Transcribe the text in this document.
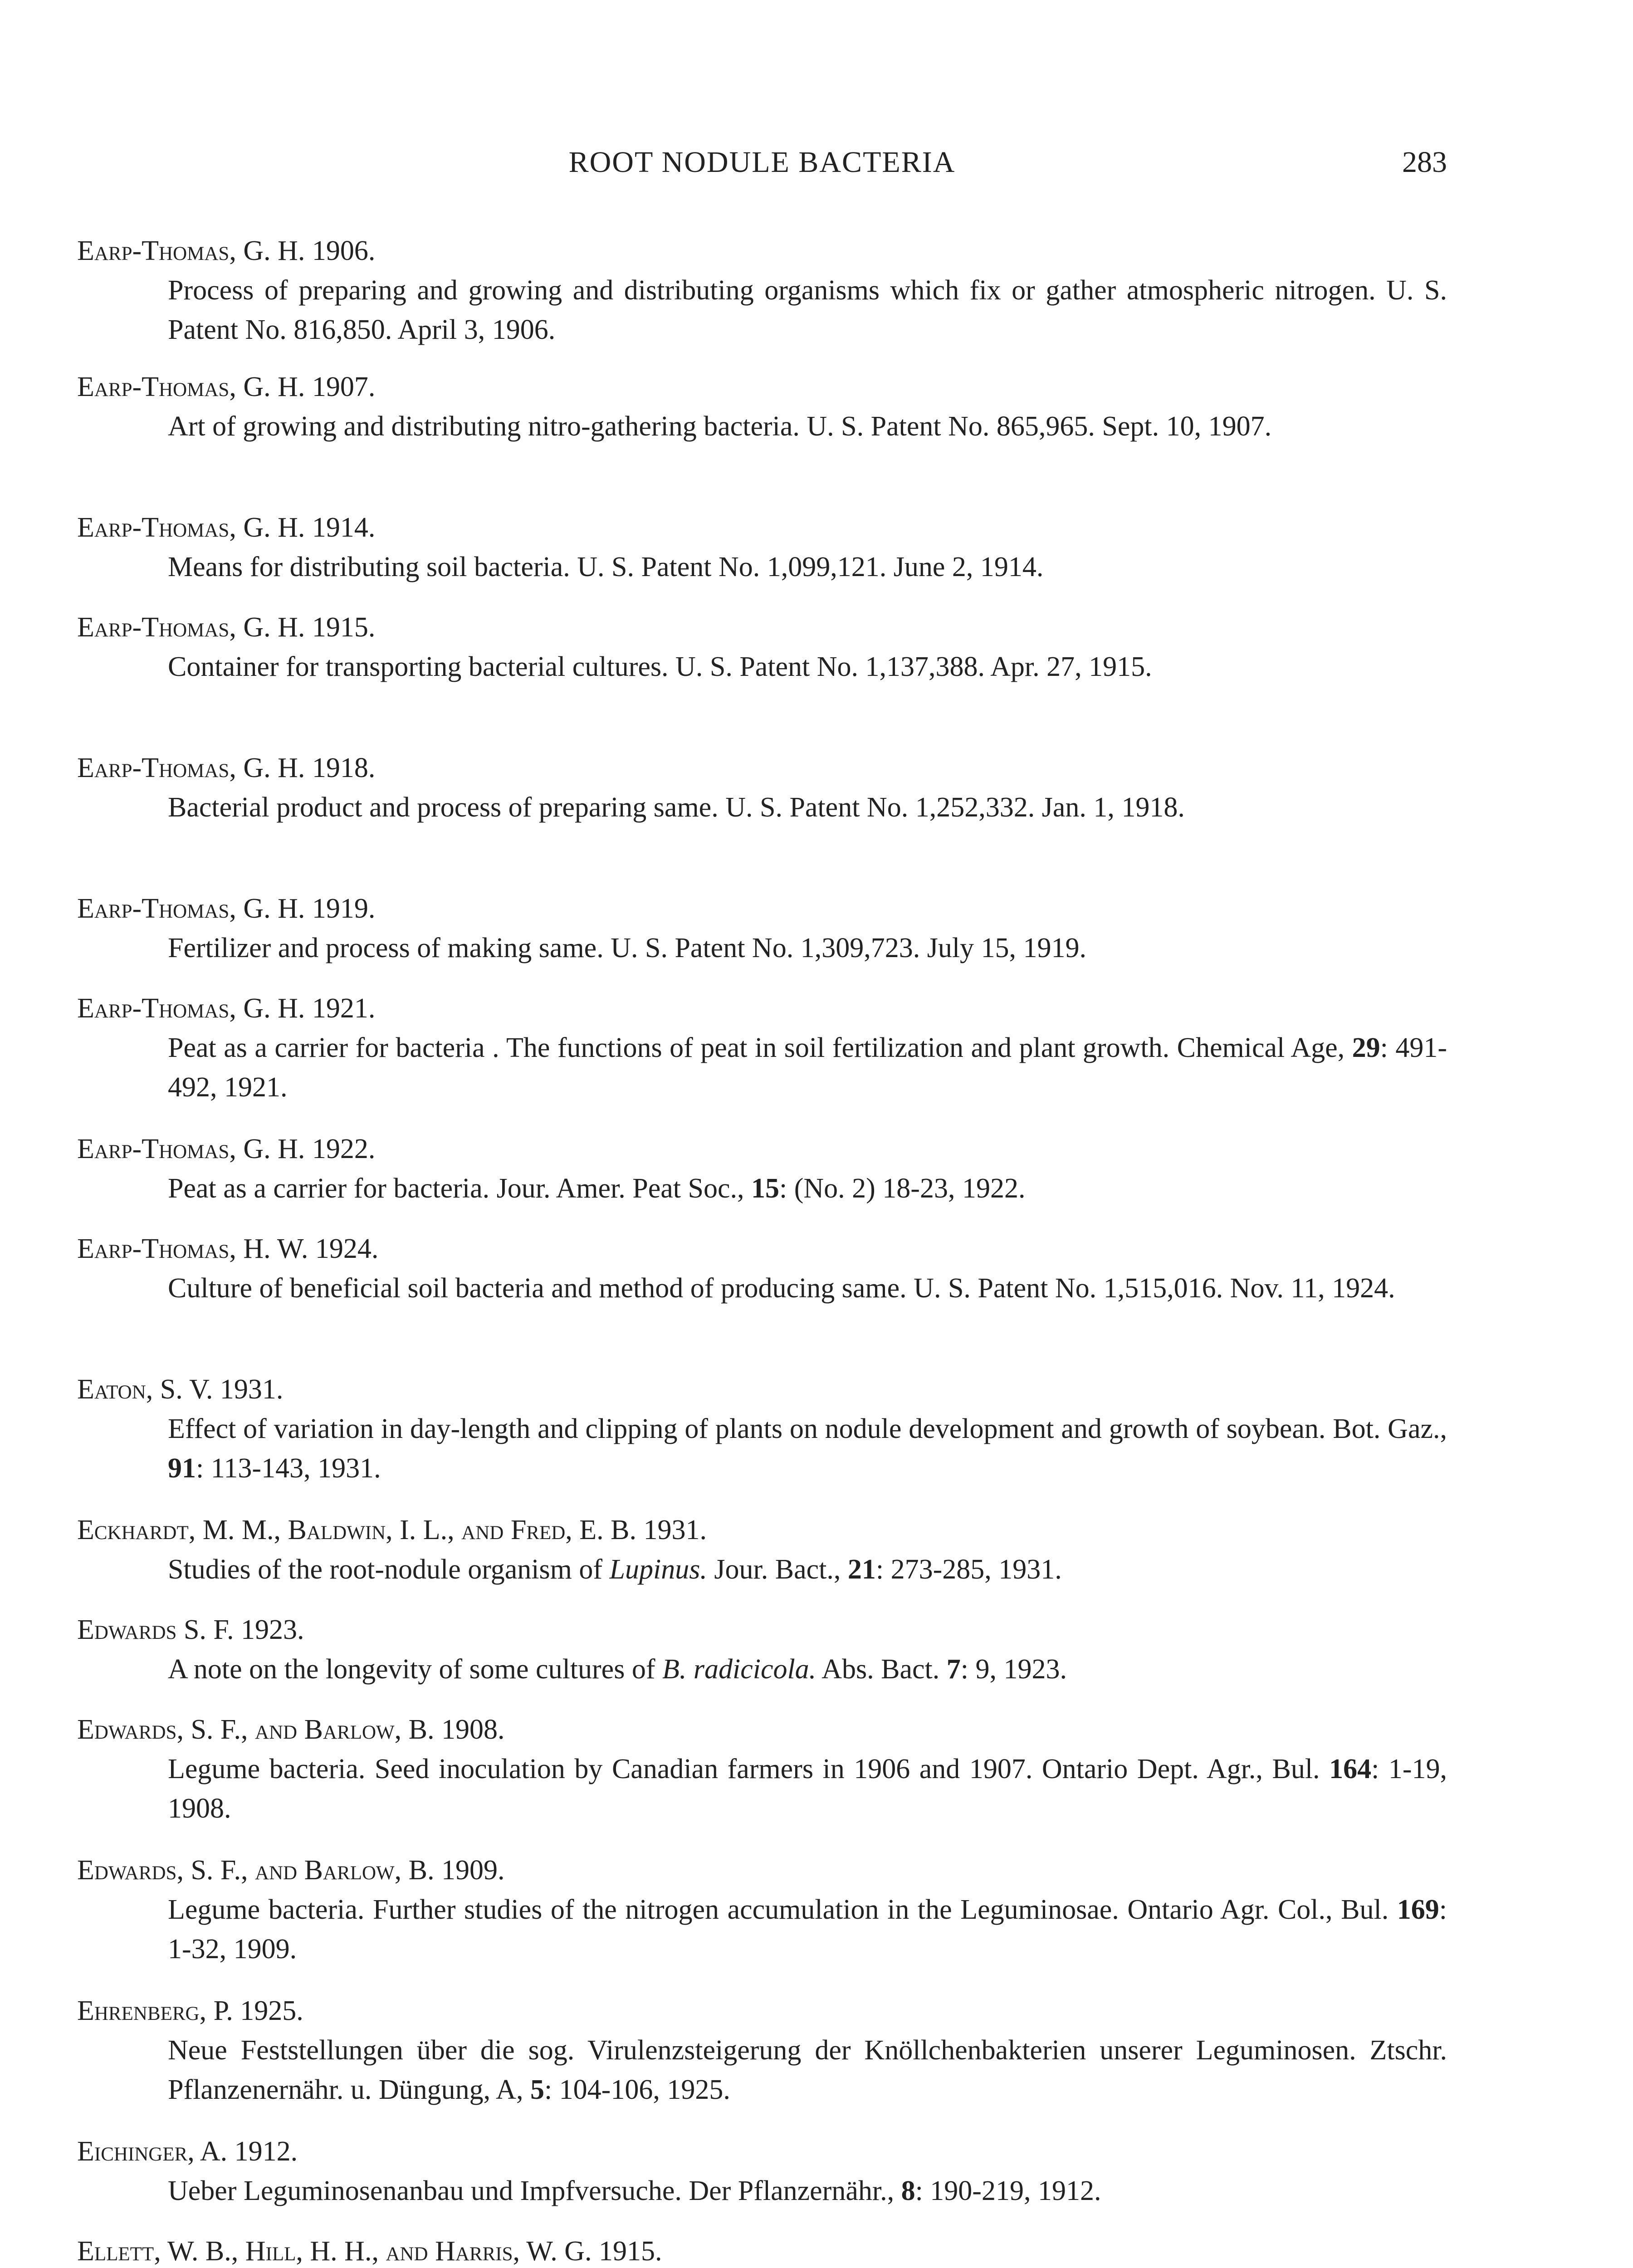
ROOT NODULE BACTERIA	283
Earp-Thomas, G. H. 1906.
Process of preparing and growing and distributing organisms which fix or gather atmospheric nitrogen. U. S. Patent No. 816,850. April 3, 1906.
Earp-Thomas, G. H. 1907.
Art of growing and distributing nitro-gathering bacteria. U. S. Patent No. 865,965. Sept. 10, 1907.
Earp-Thomas, G. H. 1914.
Means for distributing soil bacteria. U. S. Patent No. 1,099,121. June 2, 1914.
Earp-Thomas, G. H. 1915.
Container for transporting bacterial cultures. U. S. Patent No. 1,137,388. Apr. 27, 1915.
Earp-Thomas, G. H. 1918.
Bacterial product and process of preparing same. U. S. Patent No. 1,252,332. Jan. 1, 1918.
Earp-Thomas, G. H. 1919.
Fertilizer and process of making same. U. S. Patent No. 1,309,723. July 15, 1919.
Earp-Thomas, G. H. 1921.
Peat as a carrier for bacteria . The functions of peat in soil fertilization and plant growth. Chemical Age, 29: 491-492, 1921.
Earp-Thomas, G. H. 1922.
Peat as a carrier for bacteria. Jour. Amer. Peat Soc., 15: (No. 2) 18-23, 1922.
Earp-Thomas, H. W. 1924.
Culture of beneficial soil bacteria and method of producing same. U. S. Patent No. 1,515,016. Nov. 11, 1924.
Eaton, S. V. 1931.
Effect of variation in day-length and clipping of plants on nodule development and growth of soybean. Bot. Gaz., 91: 113-143, 1931.
Eckhardt, M. M., Baldwin, I. L., and Fred, E. B. 1931.
Studies of the root-nodule organism of Lupinus. Jour. Bact., 21: 273-285, 1931.
Edwards S. F. 1923.
A note on the longevity of some cultures of B. radicicola. Abs. Bact. 7: 9, 1923.
Edwards, S. F., and Barlow, B. 1908.
Legume bacteria. Seed inoculation by Canadian farmers in 1906 and 1907. Ontario Dept. Agr., Bul. 164: 1-19, 1908.
Edwards, S. F., and Barlow, B. 1909.
Legume bacteria. Further studies of the nitrogen accumulation in the Leguminosae. Ontario Agr. Col., Bul. 169: 1-32, 1909.
Ehrenberg, P. 1925.
Neue Feststellungen über die sog. Virulenzsteigerung der Knöllchenbakterien unserer Leguminosen. Ztschr. Pflanzenernähr. u. Düngung, A, 5: 104-106, 1925.
Eichinger, A. 1912.
Ueber Leguminosenanbau und Impfversuche. Der Pflanzernähr., 8: 190-219, 1912.
Ellett, W. B., Hill, H. H., and Harris, W. G. 1915.
